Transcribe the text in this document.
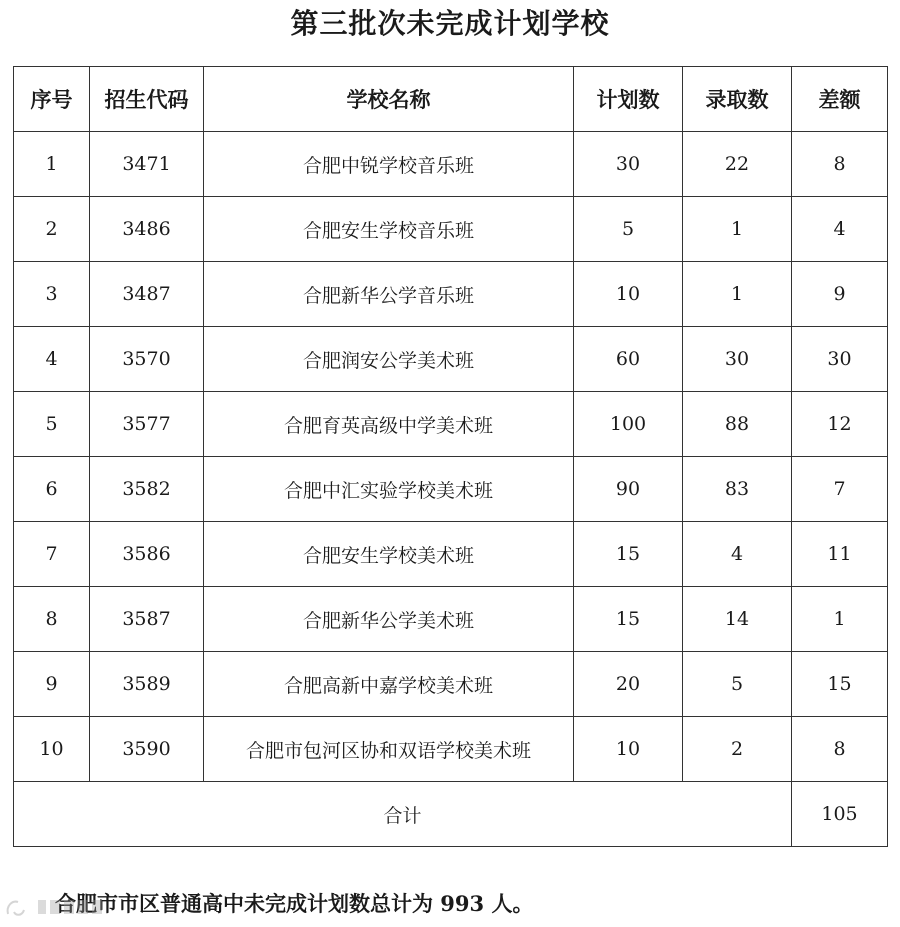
第三批次未完成计划学校
序号	招生代码	学校名称	计划数	录取数	差额
1	3471	合肥中锐学校音乐班	30	22	8
2	3486	合肥安生学校音乐班	5	1	4
3	3487	合肥新华公学音乐班	10	1	9
4	3570	合肥润安公学美术班	60	30	30
5	3577	合肥育英高级中学美术班	100	88	12
6	3582	合肥中汇实验学校美术班	90	83	7
7	3586	合肥安生学校美术班	15	4	11
8	3587	合肥新华公学美术班	15	14	1
9	3589	合肥高新中嘉学校美术班	20	5	15
10	3590	合肥市包河区协和双语学校美术班	10	2	8
合计					105
合肥市市区普通高中未完成计划数总计为 993 人。
